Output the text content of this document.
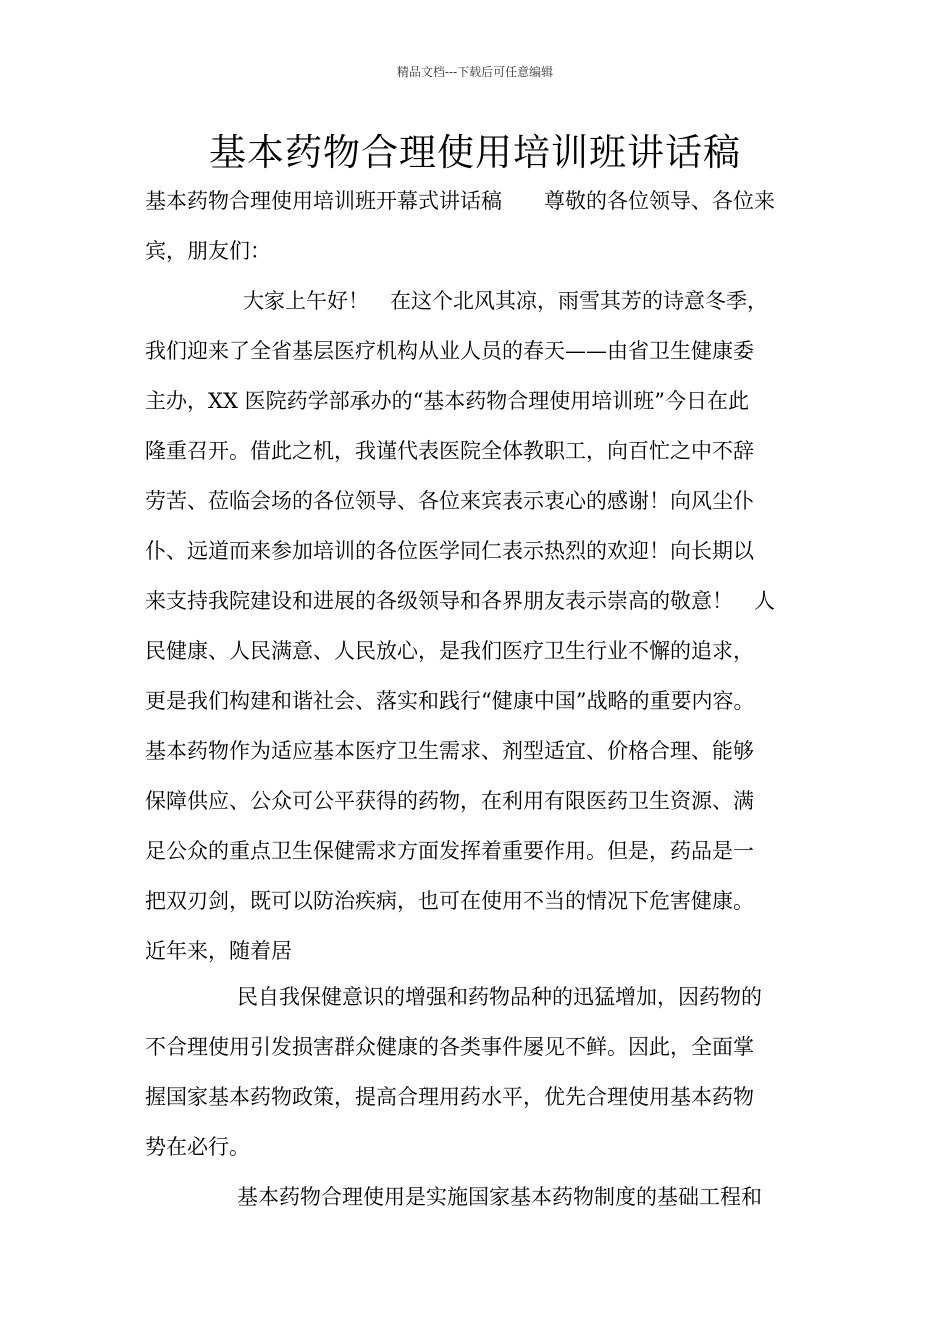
精品文档---下载后可任意编辑
基本药物合理使用培训班讲话稿
基本药物合理使用培训班开幕式讲话稿　　尊敬的各位领导、各位来
宾，朋友们：
大家上午好！　在这个北风其凉，雨雪其芳的诗意冬季，
我们迎来了全省基层医疗机构从业人员的春天——由省卫生健康委
主办，XX 医院药学部承办的“基本药物合理使用培训班”今日在此
隆重召开。借此之机，我谨代表医院全体教职工，向百忙之中不辞
劳苦、莅临会场的各位领导、各位来宾表示衷心的感谢！向风尘仆
仆、远道而来参加培训的各位医学同仁表示热烈的欢迎！向长期以
来支持我院建设和进展的各级领导和各界朋友表示崇高的敬意！　人
民健康、人民满意、人民放心，是我们医疗卫生行业不懈的追求，
更是我们构建和谐社会、落实和践行“健康中国”战略的重要内容。
基本药物作为适应基本医疗卫生需求、剂型适宜、价格合理、能够
保障供应、公众可公平获得的药物，在利用有限医药卫生资源、满
足公众的重点卫生保健需求方面发挥着重要作用。但是，药品是一
把双刃剑，既可以防治疾病，也可在使用不当的情况下危害健康。
近年来，随着居
民自我保健意识的增强和药物品种的迅猛增加，因药物的
不合理使用引发损害群众健康的各类事件屡见不鲜。因此，全面掌
握国家基本药物政策，提高合理用药水平，优先合理使用基本药物
势在必行。
基本药物合理使用是实施国家基本药物制度的基础工程和
